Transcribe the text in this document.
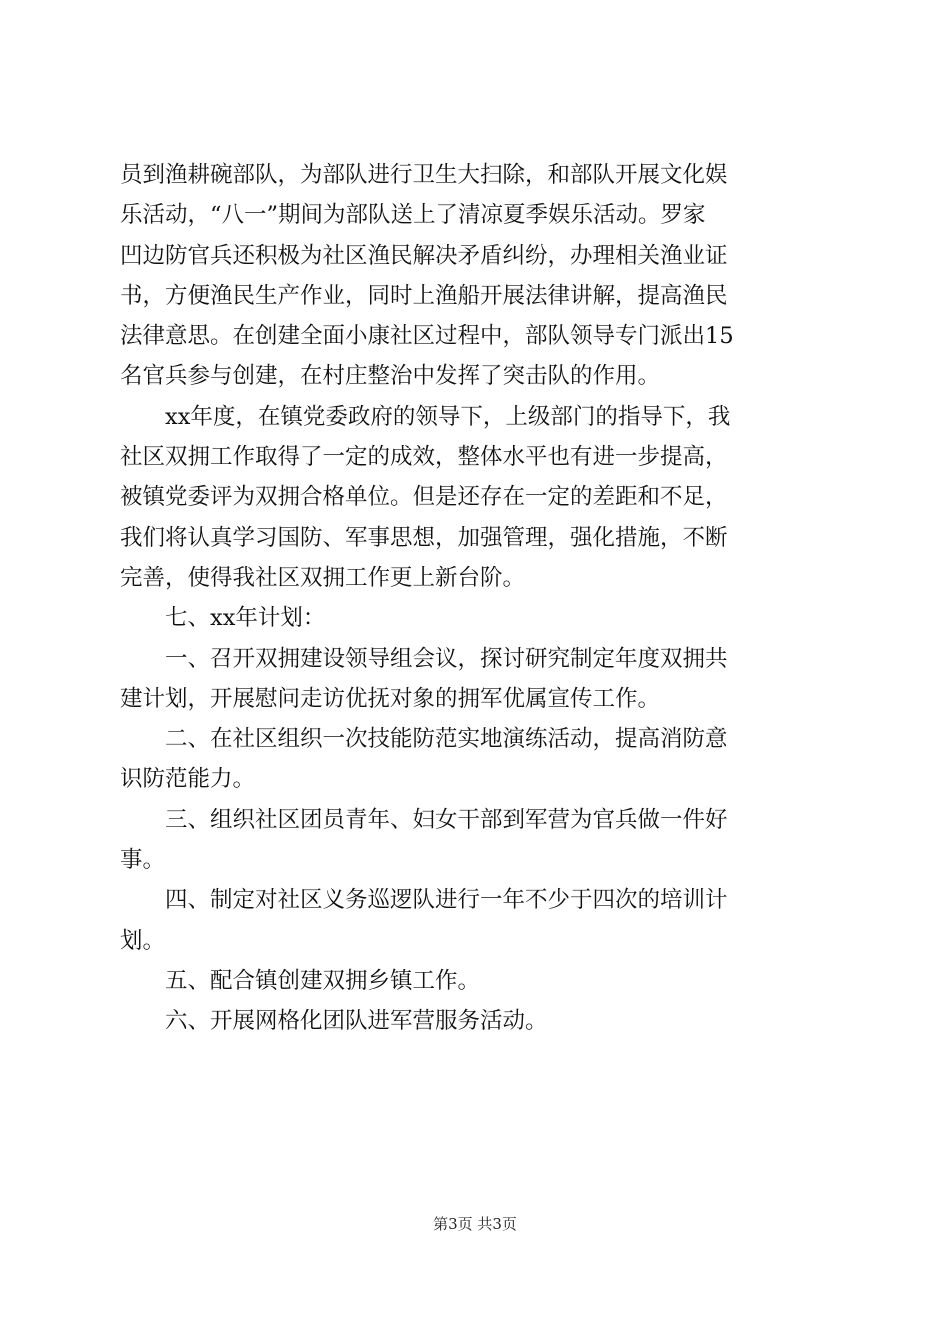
员到渔耕碗部队，为部队进行卫生大扫除，和部队开展文化娱
乐活动，“八一”期间为部队送上了清凉夏季娱乐活动。罗家
凹边防官兵还积极为社区渔民解决矛盾纠纷，办理相关渔业证
书，方便渔民生产作业，同时上渔船开展法律讲解，提高渔民
法律意思。在创建全面小康社区过程中，部队领导专门派出15
名官兵参与创建，在村庄整治中发挥了突击队的作用。
　　xx年度，在镇党委政府的领导下，上级部门的指导下，我
社区双拥工作取得了一定的成效，整体水平也有进一步提高，
被镇党委评为双拥合格单位。但是还存在一定的差距和不足，
我们将认真学习国防、军事思想，加强管理，强化措施，不断
完善，使得我社区双拥工作更上新台阶。
　　七、xx年计划：
　　一、召开双拥建设领导组会议，探讨研究制定年度双拥共
建计划，开展慰问走访优抚对象的拥军优属宣传工作。
　　二、在社区组织一次技能防范实地演练活动，提高消防意
识防范能力。
　　三、组织社区团员青年、妇女干部到军营为官兵做一件好
事。
　　四、制定对社区义务巡逻队进行一年不少于四次的培训计
划。
　　五、配合镇创建双拥乡镇工作。
　　六、开展网格化团队进军营服务活动。
第3页 共3页
